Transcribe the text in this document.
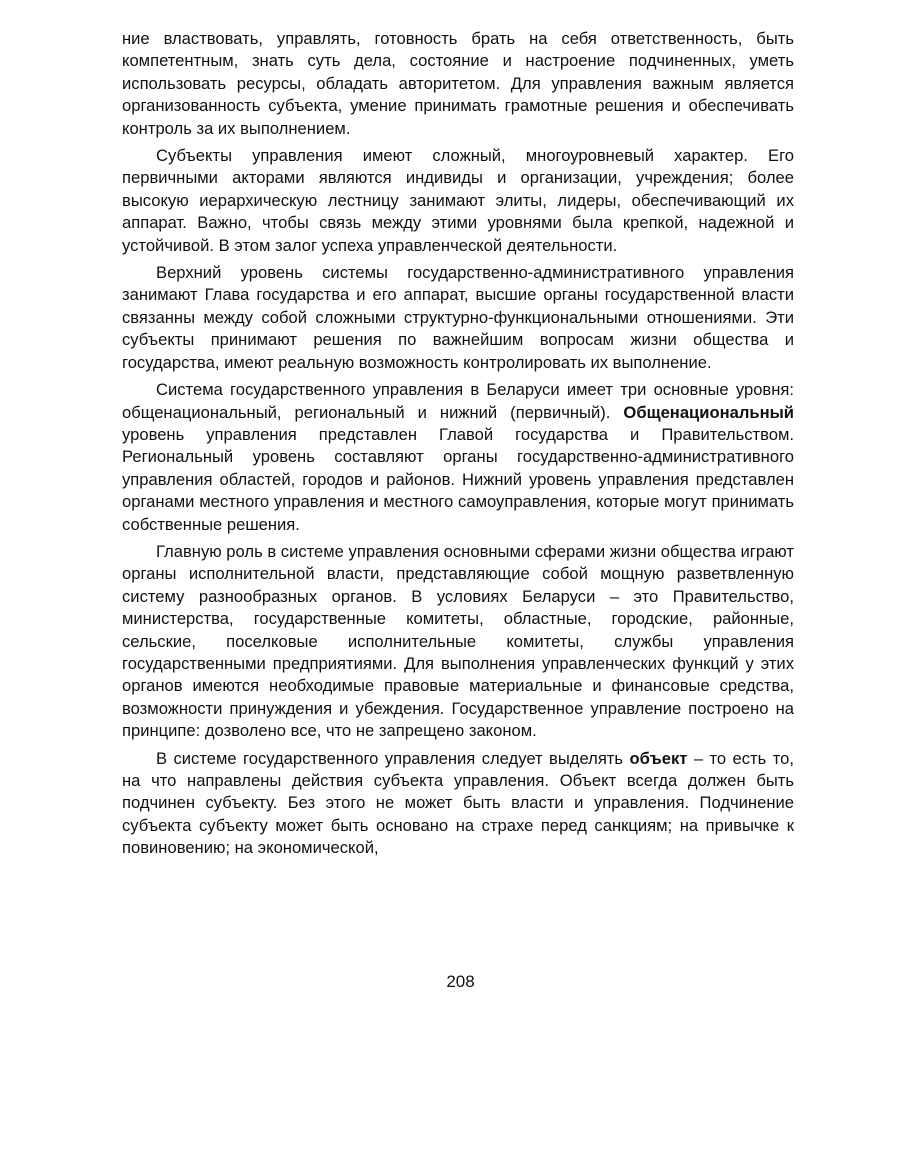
ние властвовать, управлять, готовность брать на себя ответственность, быть компетентным, знать суть дела, состояние и настроение подчиненных, уметь использовать ресурсы, обладать авторитетом. Для управления важным является организованность субъекта, умение принимать грамотные решения и обеспечивать контроль за их выполнением.

Субъекты управления имеют сложный, многоуровневый характер. Его первичными акторами являются индивиды и организации, учреждения; более высокую иерархическую лестницу занимают элиты, лидеры, обеспечивающий их аппарат. Важно, чтобы связь между этими уровнями была крепкой, надежной и устойчивой. В этом залог успеха управленческой деятельности.

Верхний уровень системы государственно-административного управления занимают Глава государства и его аппарат, высшие органы государственной власти связанны между собой сложными структурно-функциональными отношениями. Эти субъекты принимают решения по важнейшим вопросам жизни общества и государства, имеют реальную возможность контролировать их выполнение.

Система государственного управления в Беларуси имеет три основные уровня: общенациональный, региональный и нижний (первичный). Общенациональный уровень управления представлен Главой государства и Правительством. Региональный уровень составляют органы государственно-административного управления областей, городов и районов. Нижний уровень управления представлен органами местного управления и местного самоуправления, которые могут принимать собственные решения.

Главную роль в системе управления основными сферами жизни общества играют органы исполнительной власти, представляющие собой мощную разветвленную систему разнообразных органов. В условиях Беларуси – это Правительство, министерства, государственные комитеты, областные, городские, районные, сельские, поселковые исполнительные комитеты, службы управления государственными предприятиями. Для выполнения управленческих функций у этих органов имеются необходимые правовые материальные и финансовые средства, возможности принуждения и убеждения. Государственное управление построено на принципе: дозволено все, что не запрещено законом.

В системе государственного управления следует выделять объект – то есть то, на что направлены действия субъекта управления. Объект всегда должен быть подчинен субъекту. Без этого не может быть власти и управления. Подчинение субъекта субъекту может быть основано на страхе перед санкциям; на привычке к повиновению; на экономической,

208
